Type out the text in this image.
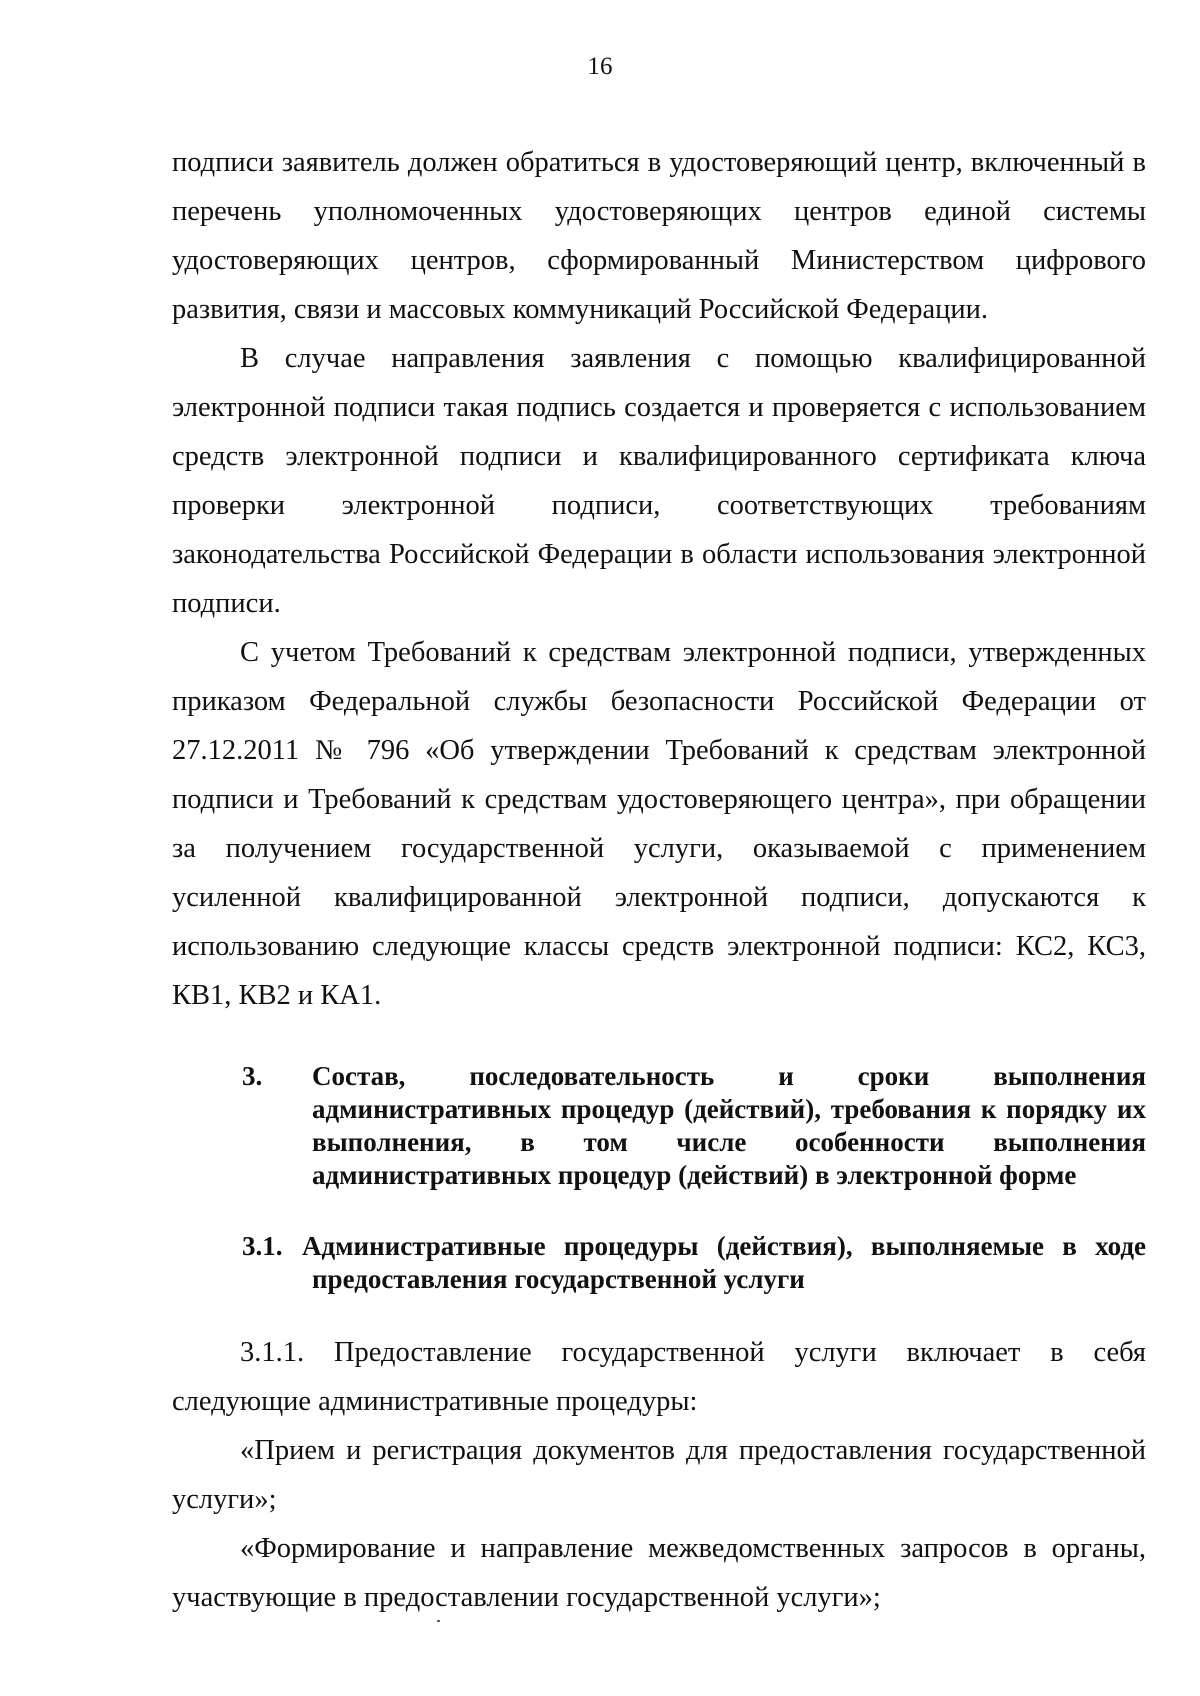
16

подписи заявитель должен обратиться в удостоверяющий центр, включенный в перечень уполномоченных удостоверяющих центров единой системы удостоверяющих центров, сформированный Министерством цифрового развития, связи и массовых коммуникаций Российской Федерации.

В случае направления заявления с помощью квалифицированной электронной подписи такая подпись создается и проверяется с использованием средств электронной подписи и квалифицированного сертификата ключа проверки электронной подписи, соответствующих требованиям законодательства Российской Федерации в области использования электронной подписи.

С учетом Требований к средствам электронной подписи, утвержденных приказом Федеральной службы безопасности Российской Федерации от 27.12.2011 № 796 «Об утверждении Требований к средствам электронной подписи и Требований к средствам удостоверяющего центра», при обращении за получением государственной услуги, оказываемой с применением усиленной квалифицированной электронной подписи, допускаются к использованию следующие классы средств электронной подписи: КС2, КС3, КВ1, КВ2 и КА1.

3. Состав, последовательность и сроки выполнения административных процедур (действий), требования к порядку их выполнения, в том числе особенности выполнения административных процедур (действий) в электронной форме
3.1. Административные процедуры (действия), выполняемые в ходе предоставления государственной услуги

3.1.1. Предоставление государственной услуги включает в себя следующие административные процедуры:

«Прием и регистрация документов для предоставления государственной услуги»;

«Формирование и направление межведомственных запросов в органы, участвующие в предоставлении государственной услуги»;
